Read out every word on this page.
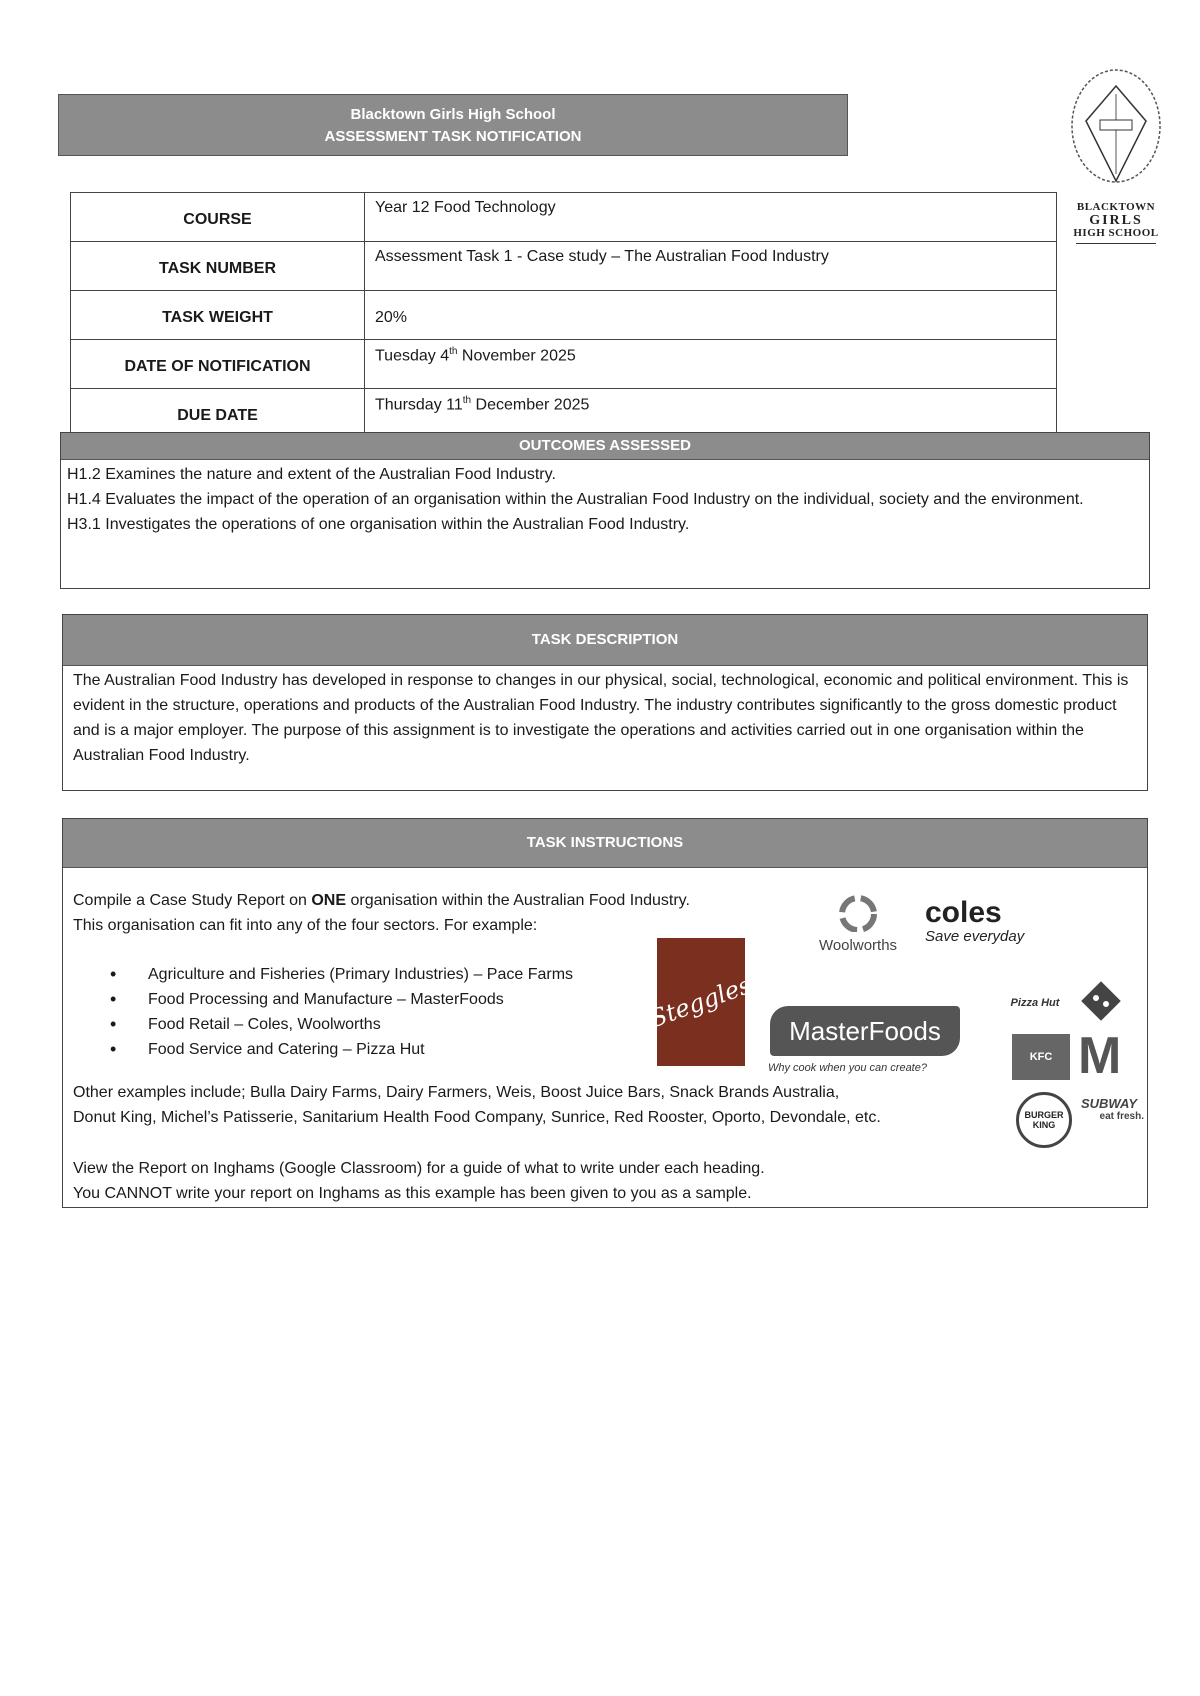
Blacktown Girls High School
ASSESSMENT TASK NOTIFICATION
BLACKTOWN
GIRLS
HIGH SCHOOL
COURSE	Year 12 Food Technology
TASK NUMBER	Assessment Task 1 - Case study – The Australian Food Industry
TASK WEIGHT	20%
DATE OF NOTIFICATION	Tuesday 4th November 2025
DUE DATE	Thursday 11th December 2025
OUTCOMES ASSESSED
H1.2 Examines the nature and extent of the Australian Food Industry.
H1.4 Evaluates the impact of the operation of an organisation within the Australian Food Industry on the individual, society and the environment.
H3.1 Investigates the operations of one organisation within the Australian Food Industry.
TASK DESCRIPTION
The Australian Food Industry has developed in response to changes in our physical, social, technological, economic and political environment. This is evident in the structure, operations and products of the Australian Food Industry. The industry contributes significantly to the gross domestic product and is a major employer. The purpose of this assignment is to investigate the operations and activities carried out in one organisation within the Australian Food Industry.
TASK INSTRUCTIONS
Compile a Case Study Report on ONE organisation within the Australian Food Industry.
This organisation can fit into any of the four sectors. For example:
• Agriculture and Fisheries (Primary Industries) – Pace Farms
• Food Processing and Manufacture – MasterFoods
• Food Retail – Coles, Woolworths
• Food Service and Catering – Pizza Hut
Other examples include; Bulla Dairy Farms, Dairy Farmers, Weis, Boost Juice Bars, Snack Brands Australia,
Donut King, Michel’s Patisserie, Sanitarium Health Food Company, Sunrice, Red Rooster, Oporto, Devondale, etc.
View the Report on Inghams (Google Classroom) for a guide of what to write under each heading.
You CANNOT write your report on Inghams as this example has been given to you as a sample.
Steggles
Woolworths
coles
Save everyday
MasterFoods
Why cook when you can create?
Pizza Hut
KFC M
BURGER KING
SUBWAY
eat fresh.
